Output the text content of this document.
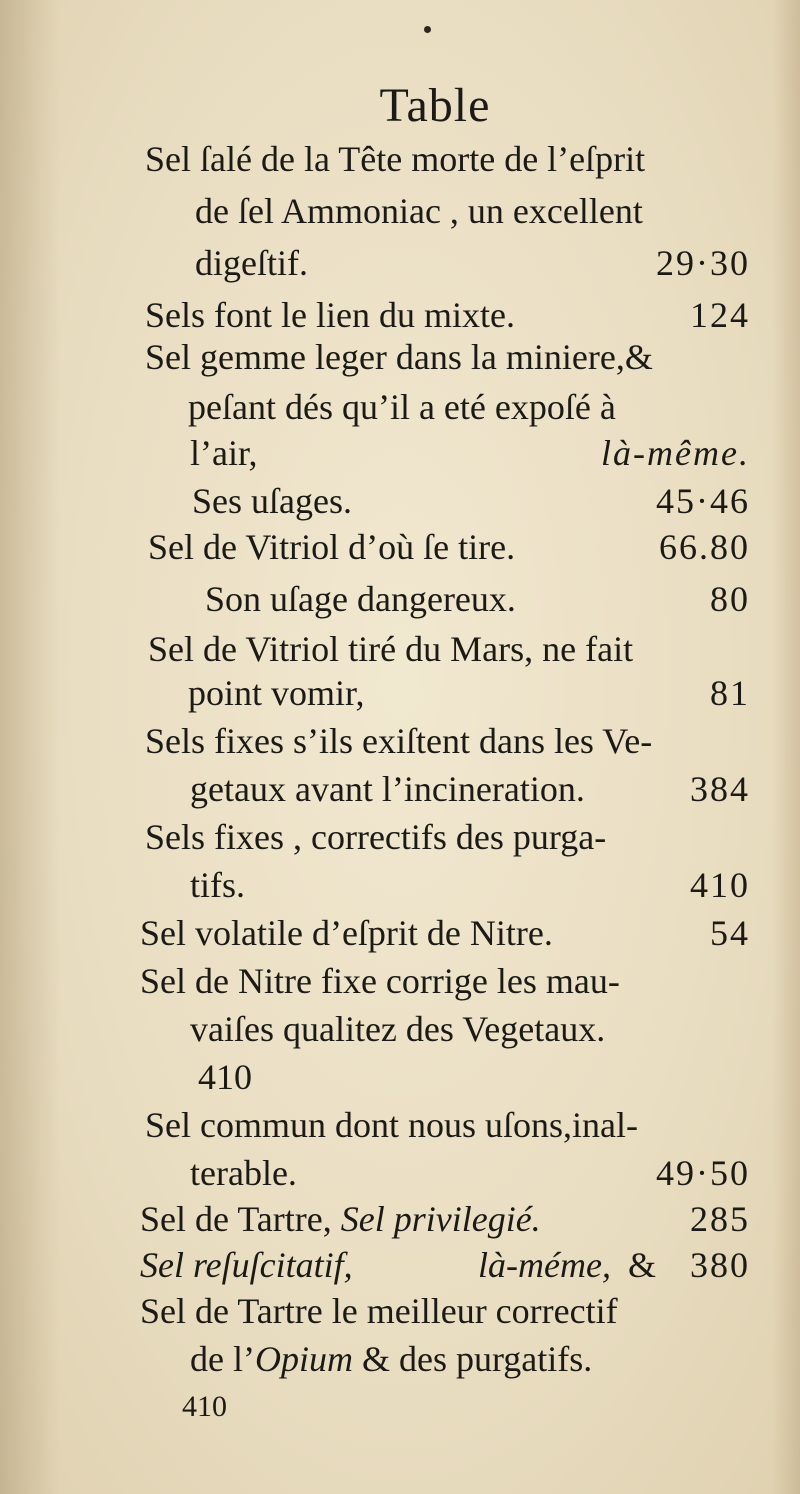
Table
Sel ſalé de la Tête morte de l’eſprit
de ſel Ammoniac , un excellent
digeſtif.	29·30
Sels font le lien du mixte.	124
Sel gemme leger dans la miniere,&
peſant dés qu’il a eté expoſé à
l’air,	là-même.
Ses uſages.	45·46
Sel de Vitriol d’où ſe tire.	66.80
Son uſage dangereux.	80
Sel de Vitriol tiré du Mars, ne fait
point vomir,	81
Sels fixes s’ils exiſtent dans les Ve-
getaux avant l’incineration.	384
Sels fixes , correctifs des purga-
tifs.	410
Sel volatile d’eſprit de Nitre.	54
Sel de Nitre fixe corrige les mau-
vaiſes qualitez des Vegetaux.
410
Sel commun dont nous uſons,inal-
terable.	49·50
Sel de Tartre, Sel privilegié.	285
Sel reſuſcitatif,	là-méme, & 380
Sel de Tartre le meilleur correctif
de l’Opium & des purgatifs.
410
